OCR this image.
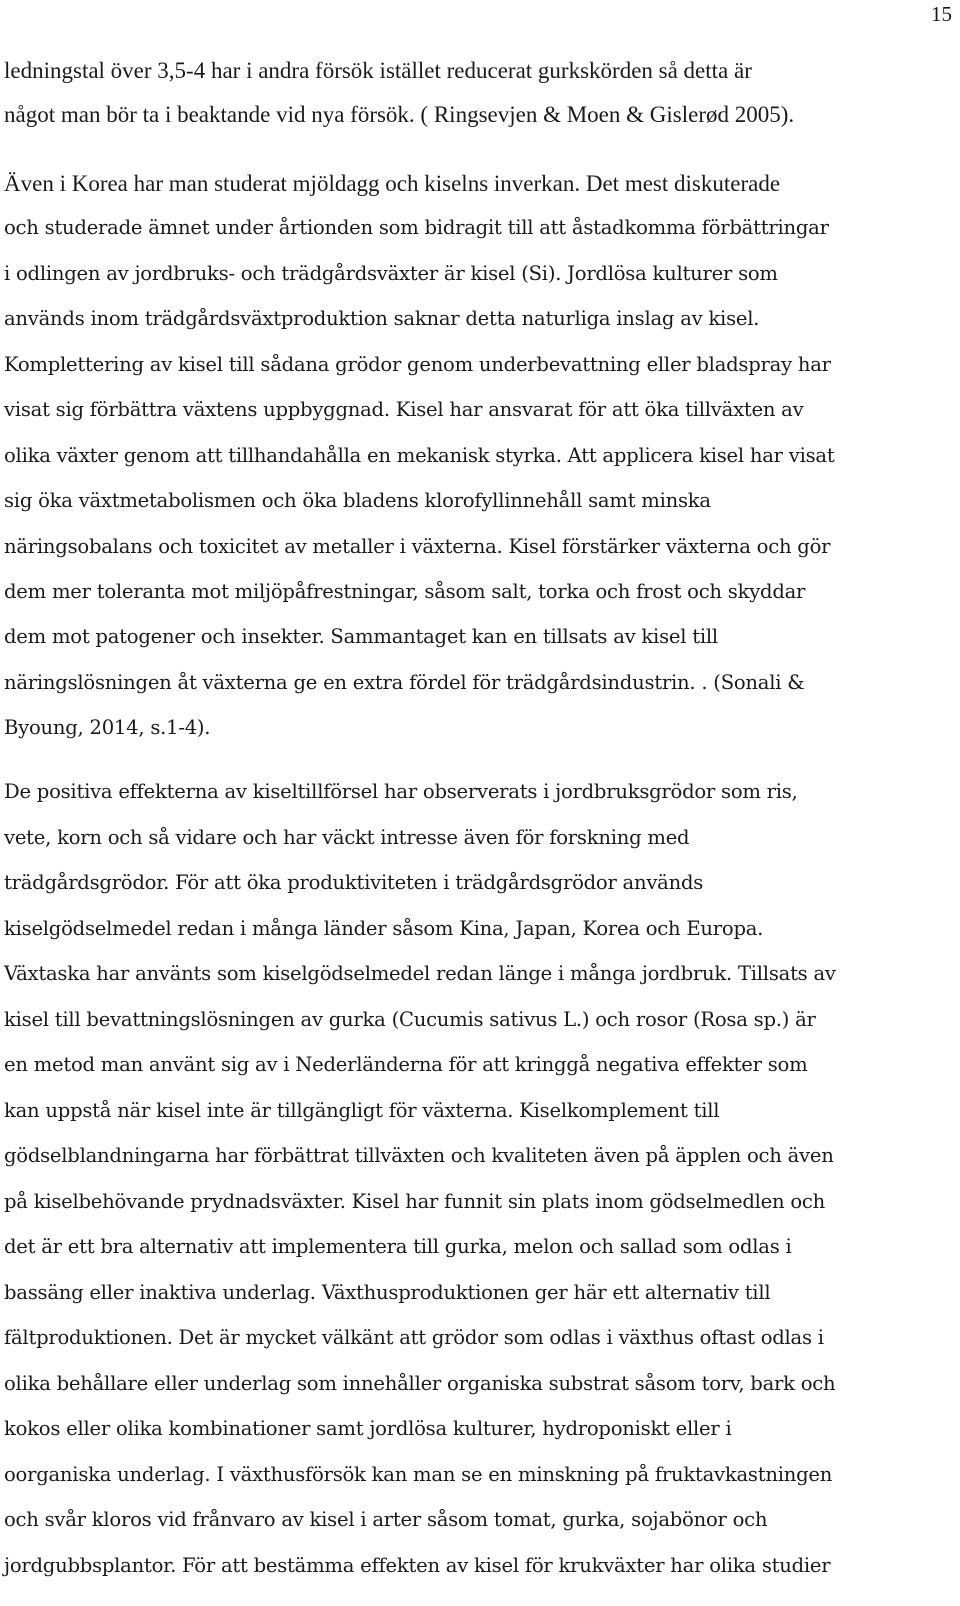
15

ledningstal över 3,5-4 har i andra försök istället reducerat gurkskörden så detta är

något man bör ta i beaktande vid nya försök. ( Ringsevjen & Moen & Gislerød 2005).

Även i Korea har man studerat mjöldagg och kiselns inverkan. Det mest diskuterade

och studerade ämnet under årtionden som bidragit till att åstadkomma förbättringar

i odlingen av jordbruks- och trädgårdsväxter är kisel (Si). Jordlösa kulturer som

används inom trädgårdsväxtproduktion saknar detta naturliga inslag av kisel.

Komplettering av kisel till sådana grödor genom underbevattning eller bladspray har

visat sig förbättra växtens uppbyggnad. Kisel har ansvarat för att öka tillväxten av

olika växter genom att tillhandahålla en mekanisk styrka. Att applicera kisel har visat

sig öka växtmetabolismen och öka bladens klorofyllinnehåll samt minska

näringsobalans och toxicitet av metaller i växterna. Kisel förstärker växterna och gör

dem mer toleranta mot miljöpåfrestningar, såsom salt, torka och frost och skyddar

dem mot patogener och insekter. Sammantaget kan en tillsats av kisel till

näringslösningen åt växterna ge en extra fördel för trädgårdsindustrin. . (Sonali &

Byoung, 2014, s.1-4).

De positiva effekterna av kiseltillförsel har observerats i jordbruksgrödor som ris,

vete, korn och så vidare och har väckt intresse även för forskning med

trädgårdsgrödor. För att öka produktiviteten i trädgårdsgrödor används

kiselgödselmedel redan i många länder såsom Kina, Japan, Korea och Europa.

Växtaska har använts som kiselgödselmedel redan länge i många jordbruk. Tillsats av

kisel till bevattningslösningen av gurka (Cucumis sativus L.) och rosor (Rosa sp.) är

en metod man använt sig av i Nederländerna för att kringgå negativa effekter som

kan uppstå när kisel inte är tillgängligt för växterna. Kiselkomplement till

gödselblandningarna har förbättrat tillväxten och kvaliteten även på äpplen och även

på kiselbehövande prydnadsväxter. Kisel har funnit sin plats inom gödselmedlen och

det är ett bra alternativ att implementera till gurka, melon och sallad som odlas i

bassäng eller inaktiva underlag. Växthusproduktionen ger här ett alternativ till

fältproduktionen. Det är mycket välkänt att grödor som odlas i växthus oftast odlas i

olika behållare eller underlag som innehåller organiska substrat såsom torv, bark och

kokos eller olika kombinationer samt jordlösa kulturer, hydroponiskt eller i

oorganiska underlag. I växthusförsök kan man se en minskning på fruktavkastningen

och svår kloros vid frånvaro av kisel i arter såsom tomat, gurka, sojabönor och

jordgubbsplantor. För att bestämma effekten av kisel för krukväxter har olika studier
